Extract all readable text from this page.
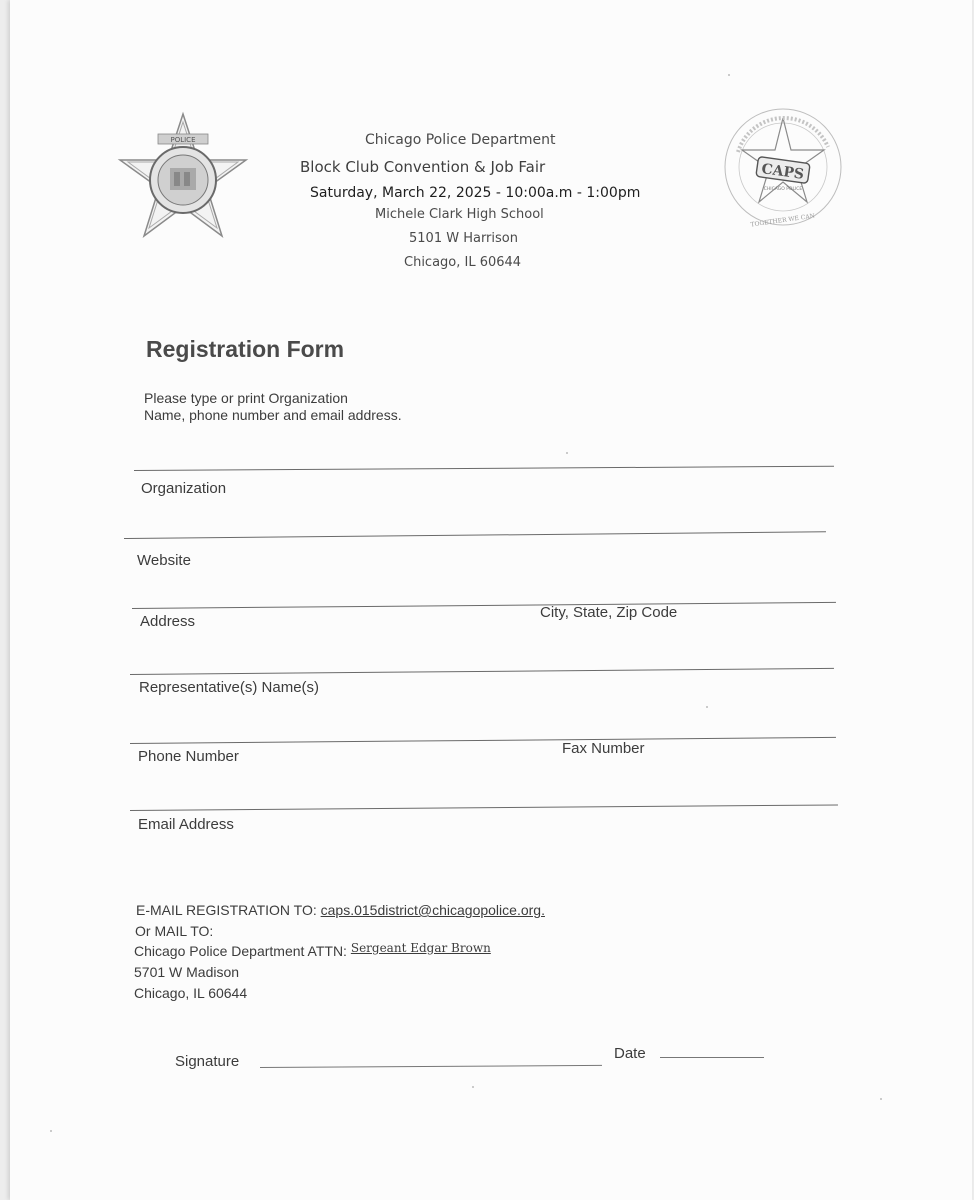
POLICE	Chicago Police Department
Block Club Convention & Job Fair
Saturday, March 22, 2025 - 10:00a.m - 1:00pm
Michele Clark High School
5101 W Harrison
Chicago, IL 60644
CAPS
CHICAGO POLICE
TOGETHER WE CAN
Registration Form
Please type or print Organization
Name, phone number and email address.
Organization
Website
Address
City, State, Zip Code
Representative(s) Name(s)
Phone Number	Fax Number
Email Address
E-MAIL REGISTRATION TO: caps.015district@chicagopolice.org.
Or MAIL TO:
Chicago Police Department ATTN: Sergeant Edgar Brown
5701 W Madison
Chicago, IL 60644
Signature	Date
